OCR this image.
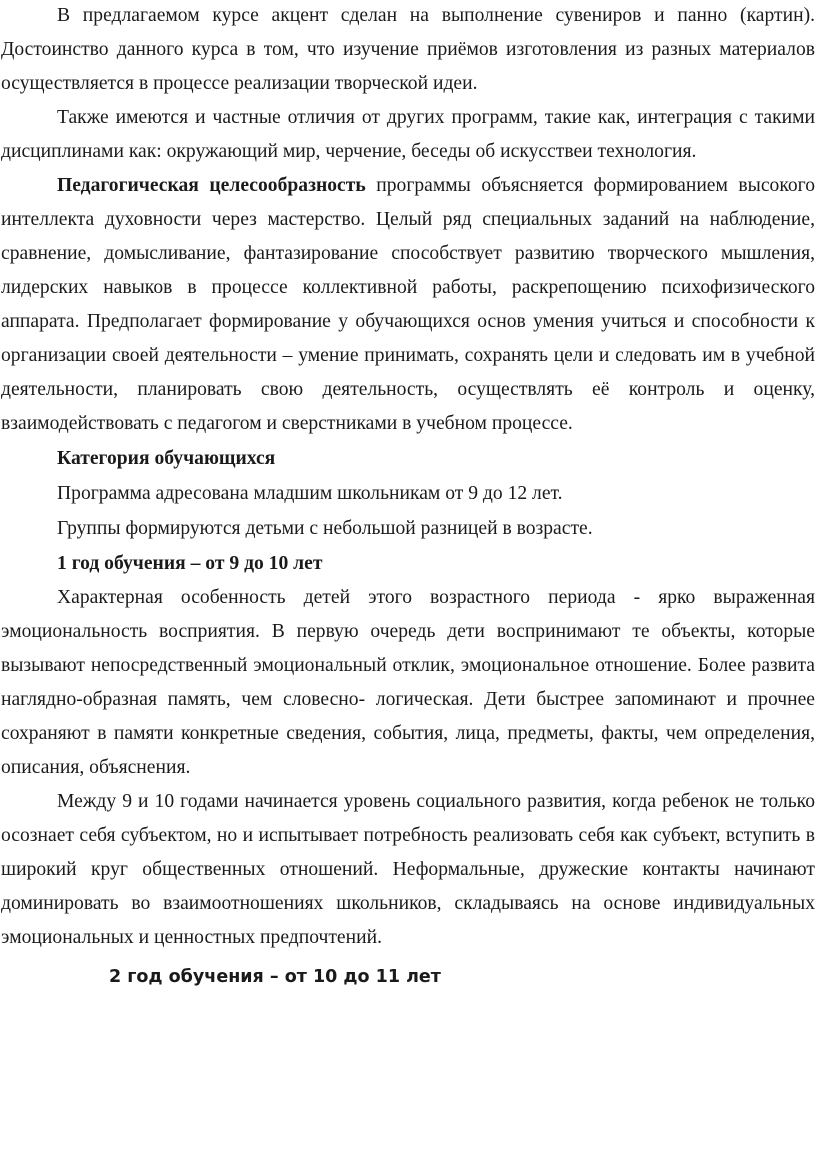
В предлагаемом курсе акцент сделан на выполнение сувениров и панно (картин). Достоинство данного курса в том, что изучение приёмов изготовления из разных материалов осуществляется в процессе реализации творческой идеи.

Также имеются и частные отличия от других программ, такие как, интеграция с такими дисциплинами как: окружающий мир, черчение, беседы об искусствеи технология.

Педагогическая целесообразность программы объясняется формированием высокого интеллекта духовности через мастерство. Целый ряд специальных заданий на наблюдение, сравнение, домысливание, фантазирование способствует развитию творческого мышления, лидерских навыков в процессе коллективной работы, раскрепощению психофизического аппарата. Предполагает формирование у обучающихся основ умения учиться и способности к организации своей деятельности – умение принимать, сохранять цели и следовать им в учебной деятельности, планировать свою деятельность, осуществлять её контроль и оценку, взаимодействовать с педагогом и сверстниками в учебном процессе.

Категория обучающихся

Программа адресована младшим школьникам от 9 до 12 лет.

Группы формируются детьми с небольшой разницей в возрасте.

1 год обучения – от 9 до 10 лет

Характерная особенность детей этого возрастного периода - ярко выраженная эмоциональность восприятия. В первую очередь дети воспринимают те объекты, которые вызывают непосредственный эмоциональный отклик, эмоциональное отношение. Более развита наглядно-образная память, чем словесно- логическая. Дети быстрее запоминают и прочнее сохраняют в памяти конкретные сведения, события, лица, предметы, факты, чем определения, описания, объяснения.

Между 9 и 10 годами начинается уровень социального развития, когда ребенок не только осознает себя субъектом, но и испытывает потребность реализовать себя как субъект, вступить в широкий круг общественных отношений. Неформальные, дружеские контакты начинают доминировать во взаимоотношениях школьников, складываясь на основе индивидуальных эмоциональных и ценностных предпочтений.

2 год обучения – от 10 до 11 лет
